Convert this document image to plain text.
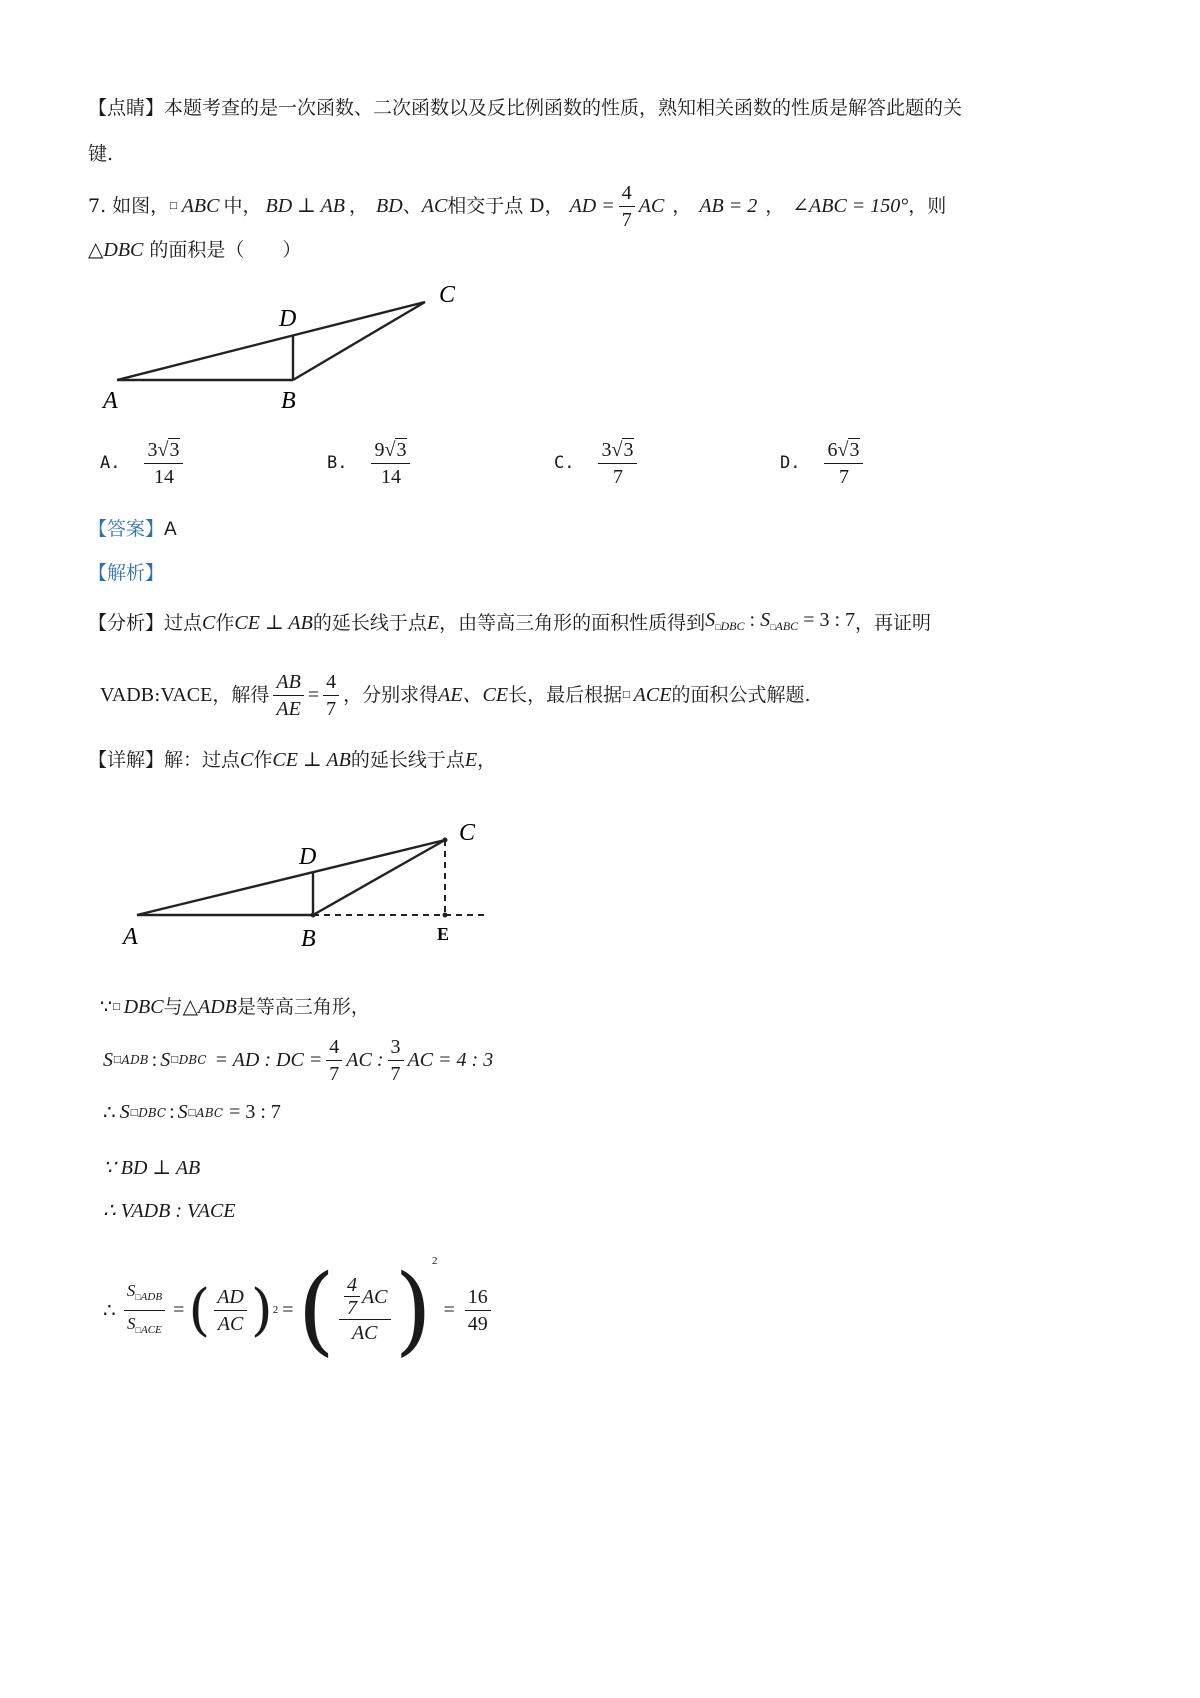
【点睛】本题考查的是一次函数、二次函数以及反比例函数的性质，熟知相关函数的性质是解答此题的关
键.
7. 如图， □ ABC 中， BD ⊥ AB ， BD 、 AC 相交于点 D， AD = $\frac{4}{7}$ AC ， AB = 2 ， ∠ABC = 150° ，则
△DBC 的面积是（　　）
A	B
C
D
A. $\frac{3√3}{14}$	B. $\frac{9√3}{14}$	C. $\frac{3√3}{7}$	D. $\frac{6√3}{7}$
【答案】A
【解析】
【分析】 过点 C 作 CE ⊥ AB 的延长线于点 E ，由等高三角形的面积性质得到 $S_{□DBC}$ : $S_{□ABC} = 3$ : 7 ，再证明
VADB : VACE ，解得 $\frac{AB}{AE} = \frac{4}{7}$ ，分别求得 AE、CE 长，最后根据 □ ACE 的面积公式解题.
【详解】 解：过点 C 作 CE ⊥ AB 的延长线于点 E ，
A	B
C
D
E
∵ □ DBC 与 △ADB 是等高三角形，
S □ ADB : S □ DBC = AD : DC = $\frac{4}{7}$ AC : $\frac{3}{7}$ AC = 4 : 3
∴ S □ DBC : S □ ABC = 3 : 7
∵ BD ⊥ AB
∴ VADB : VACE
∴ $\frac{S_{□ADB}}{S_{□ACE}}$ = ( $\frac{AD}{AC}$ ) 2 = ( $\frac{\frac{4}{7} AC}{AC}$ ) 2
= $\frac{16}{49}$
